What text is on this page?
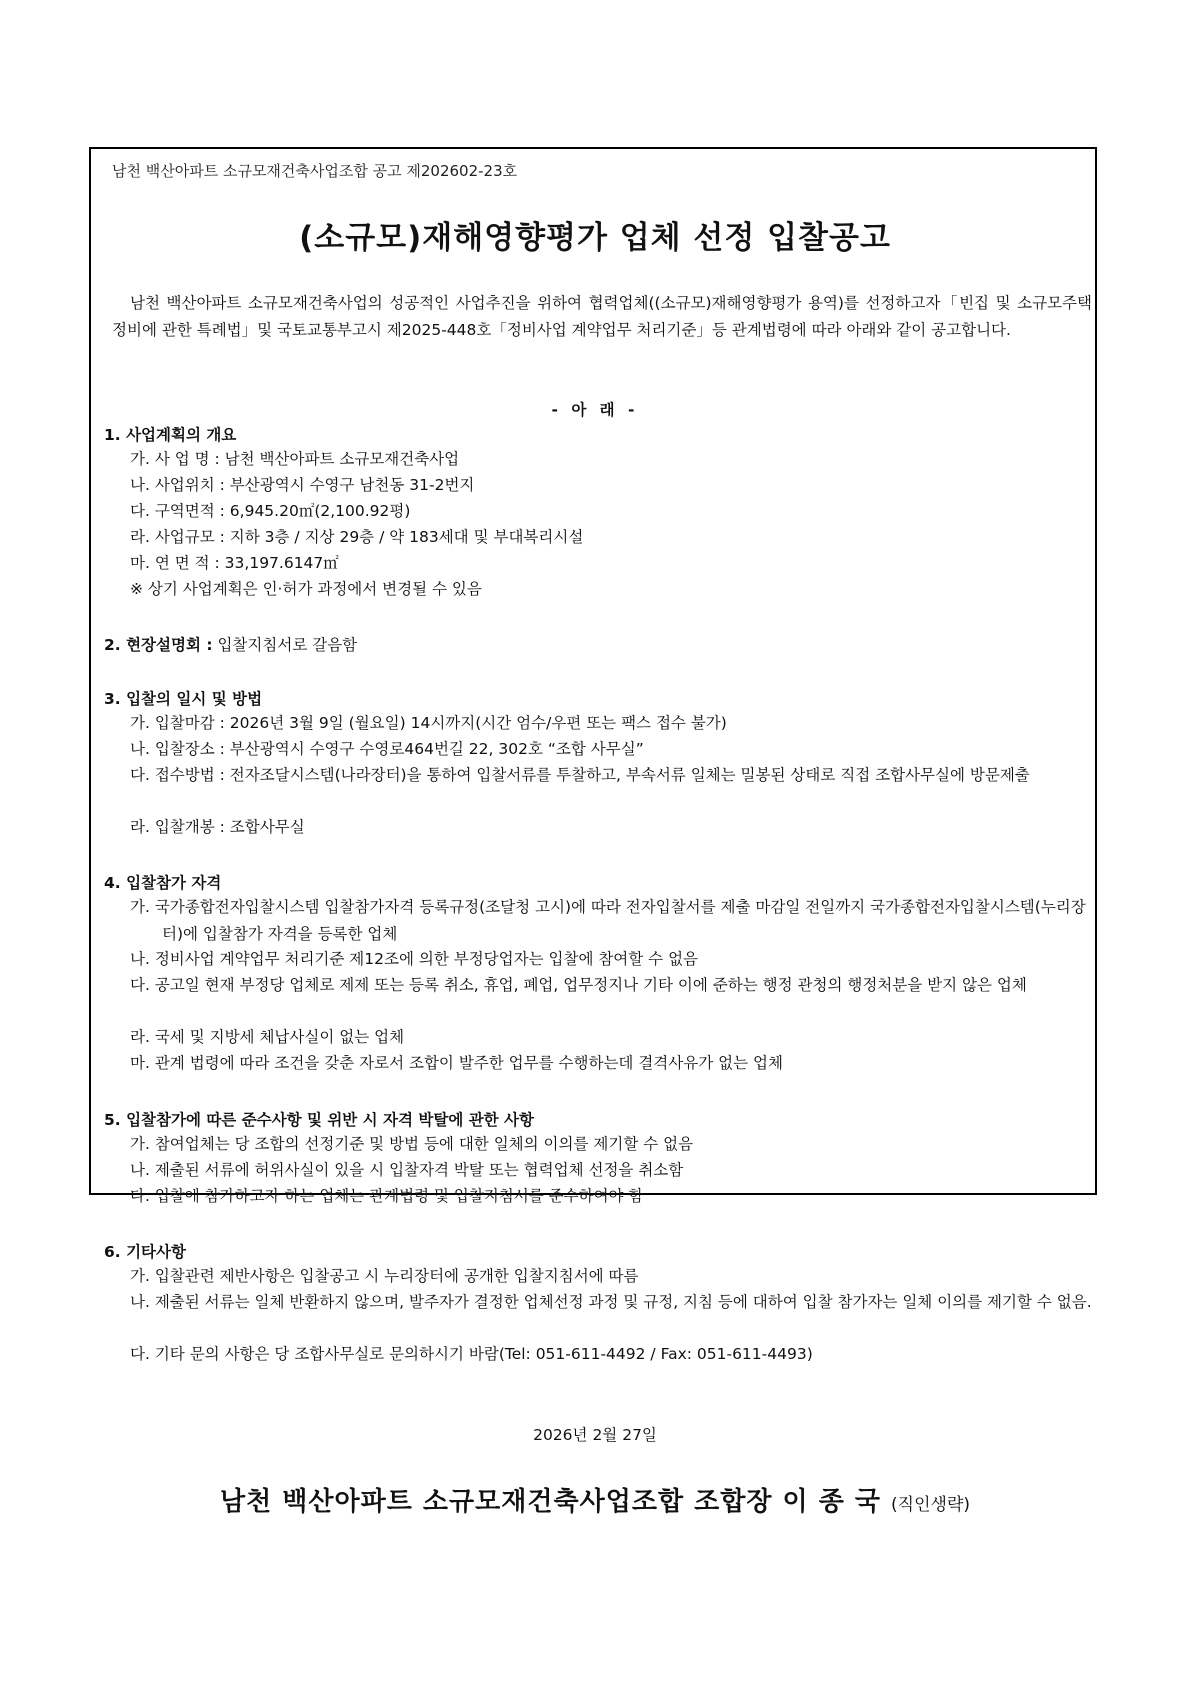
남천 백산아파트 소규모재건축사업조합 공고 제202602-23호
(소규모)재해영향평가 업체 선정 입찰공고
남천 백산아파트 소규모재건축사업의 성공적인 사업추진을 위하여 협력업체((소규모)재해영향평가 용역)를 선정하고자「빈집 및 소규모주택 정비에 관한 특례법」및 국토교통부고시 제2025-448호「정비사업 계약업무 처리기준」등 관계법령에 따라 아래와 같이 공고합니다.
- 아 래 -
1. 사업계획의 개요
가. 사 업 명 : 남천 백산아파트 소규모재건축사업
나. 사업위치 : 부산광역시 수영구 남천동 31-2번지
다. 구역면적 : 6,945.20㎡(2,100.92평)
라. 사업규모 : 지하 3층 / 지상 29층 / 약 183세대 및 부대복리시설
마. 연 면 적 : 33,197.6147㎡
※ 상기 사업계획은 인·허가 과정에서 변경될 수 있음
2. 현장설명회 : 입찰지침서로 갈음함
3. 입찰의 일시 및 방법
가. 입찰마감 : 2026년 3월 9일 (월요일) 14시까지(시간 엄수/우편 또는 팩스 접수 불가)
나. 입찰장소 : 부산광역시 수영구 수영로464번길 22, 302호 “조합 사무실”
다. 접수방법 : 전자조달시스템(나라장터)을 통하여 입찰서류를 투찰하고, 부속서류 일체는 밀봉된 상태로 직접 조합사무실에 방문제출
라. 입찰개봉 : 조합사무실
4. 입찰참가 자격
가. 국가종합전자입찰시스템 입찰참가자격 등록규정(조달청 고시)에 따라 전자입찰서를 제출 마감일 전일까지 국가종합전자입찰시스템(누리장터)에 입찰참가 자격을 등록한 업체
나. 정비사업 계약업무 처리기준 제12조에 의한 부정당업자는 입찰에 참여할 수 없음
다. 공고일 현재 부정당 업체로 제제 또는 등록 취소, 휴업, 폐업, 업무정지나 기타 이에 준하는 행정 관청의 행정처분을 받지 않은 업체
라. 국세 및 지방세 체납사실이 없는 업체
마. 관계 법령에 따라 조건을 갖춘 자로서 조합이 발주한 업무를 수행하는데 결격사유가 없는 업체
5. 입찰참가에 따른 준수사항 및 위반 시 자격 박탈에 관한 사항
가. 참여업체는 당 조합의 선정기준 및 방법 등에 대한 일체의 이의를 제기할 수 없음
나. 제출된 서류에 허위사실이 있을 시 입찰자격 박탈 또는 협력업체 선정을 취소함
다. 입찰에 참가하고자 하는 업체는 관계법령 및 입찰지침서를 준수하여야 함
6. 기타사항
가. 입찰관련 제반사항은 입찰공고 시 누리장터에 공개한 입찰지침서에 따름
나. 제출된 서류는 일체 반환하지 않으며, 발주자가 결정한 업체선정 과정 및 규정, 지침 등에 대하여 입찰 참가자는 일체 이의를 제기할 수 없음.
다. 기타 문의 사항은 당 조합사무실로 문의하시기 바람(Tel: 051-611-4492 / Fax: 051-611-4493)
2026년 2월 27일
남천 백산아파트 소규모재건축사업조합 조합장 이 종 국 (직인생략)
